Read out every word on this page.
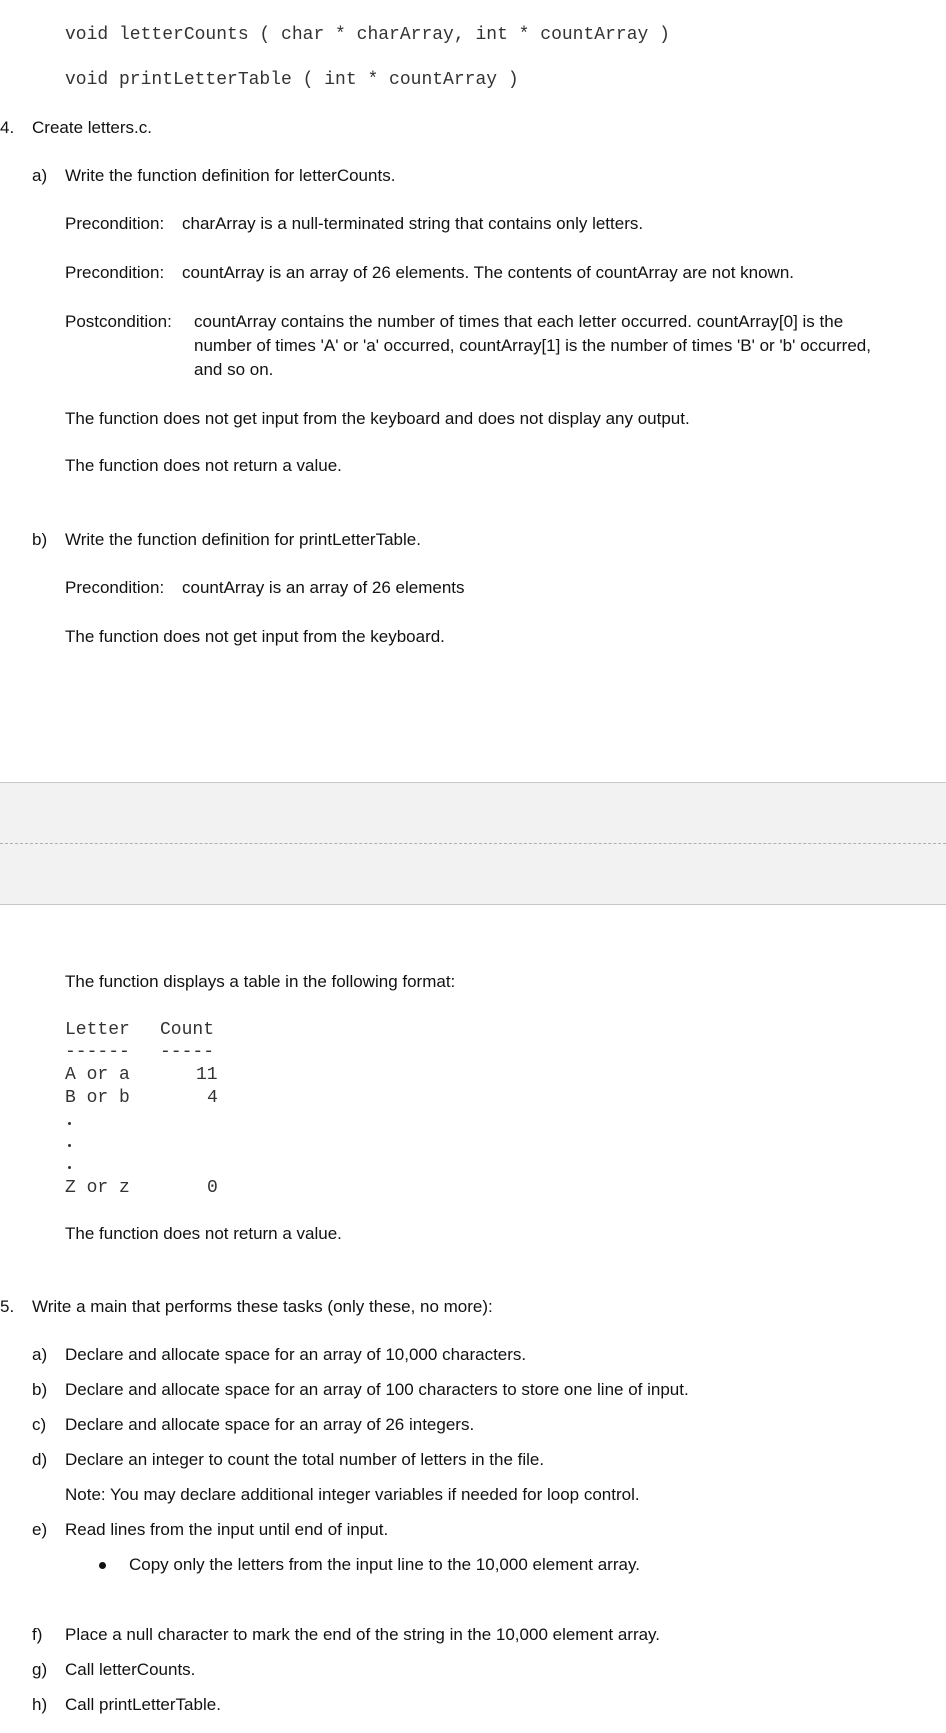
void letterCounts ( char * charArray, int * countArray )
void printLetterTable ( int * countArray )
4. Create letters.c.
a) Write the function definition for letterCounts.
Precondition: charArray is a null-terminated string that contains only letters.
Precondition: countArray is an array of 26 elements. The contents of countArray are not known.
Postcondition: countArray contains the number of times that each letter occurred. countArray[0] is the
number of times 'A' or 'a' occurred, countArray[1] is the number of times 'B' or 'b' occurred,
and so on.
The function does not get input from the keyboard and does not display any output.
The function does not return a value.
b) Write the function definition for printLetterTable.
Precondition: countArray is an array of 26 elements
The function does not get input from the keyboard.
The function displays a table in the following format:
Letter Count
------ -----
A or a	11
B or b	4
Z or z	0
The function does not return a value.
5. Write a main that performs these tasks (only these, no more):
a) Declare and allocate space for an array of 10,000 characters.
b) Declare and allocate space for an array of 100 characters to store one line of input.
c) Declare and allocate space for an array of 26 integers.
d) Declare an integer to count the total number of letters in the file.
Note: You may declare additional integer variables if needed for loop control.
e) Read lines from the input until end of input.
Copy only the letters from the input line to the 10,000 element array.
f) Place a null character to mark the end of the string in the 10,000 element array.
g) Call letterCounts.
h) Call printLetterTable.
